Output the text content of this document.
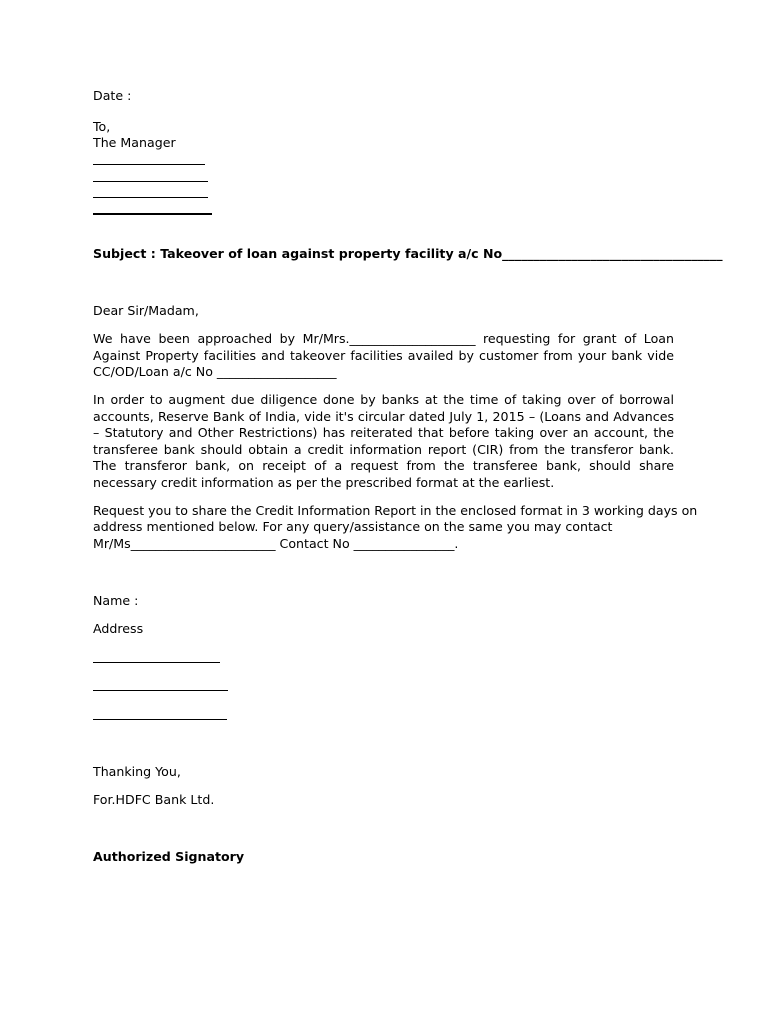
Date :

To,

The Manager

Subject : Takeover of loan against property facility a/c No___________________________________

Dear Sir/Madam,

We have been approached by Mr/Mrs.____________________ requesting for grant of Loan Against Property facilities and takeover facilities availed by customer from your bank vide CC/OD/Loan a/c No ___________________

In order to augment due diligence done by banks at the time of taking over of borrowal accounts, Reserve Bank of India, vide it's circular dated July 1, 2015 – (Loans and Advances – Statutory and Other Restrictions) has reiterated that before taking over an account, the transferee bank should obtain a credit information report (CIR) from the transferor bank. The transferor bank, on receipt of a request from the transferee bank, should share necessary credit information as per the prescribed format at the earliest.

Request you to share the Credit Information Report in the enclosed format in 3 working days on

address mentioned below. For any query/assistance on the same you may contact

Mr/Ms_______________________ Contact No ________________.

Name :

Address

Thanking You,

For.HDFC Bank Ltd.

Authorized Signatory
